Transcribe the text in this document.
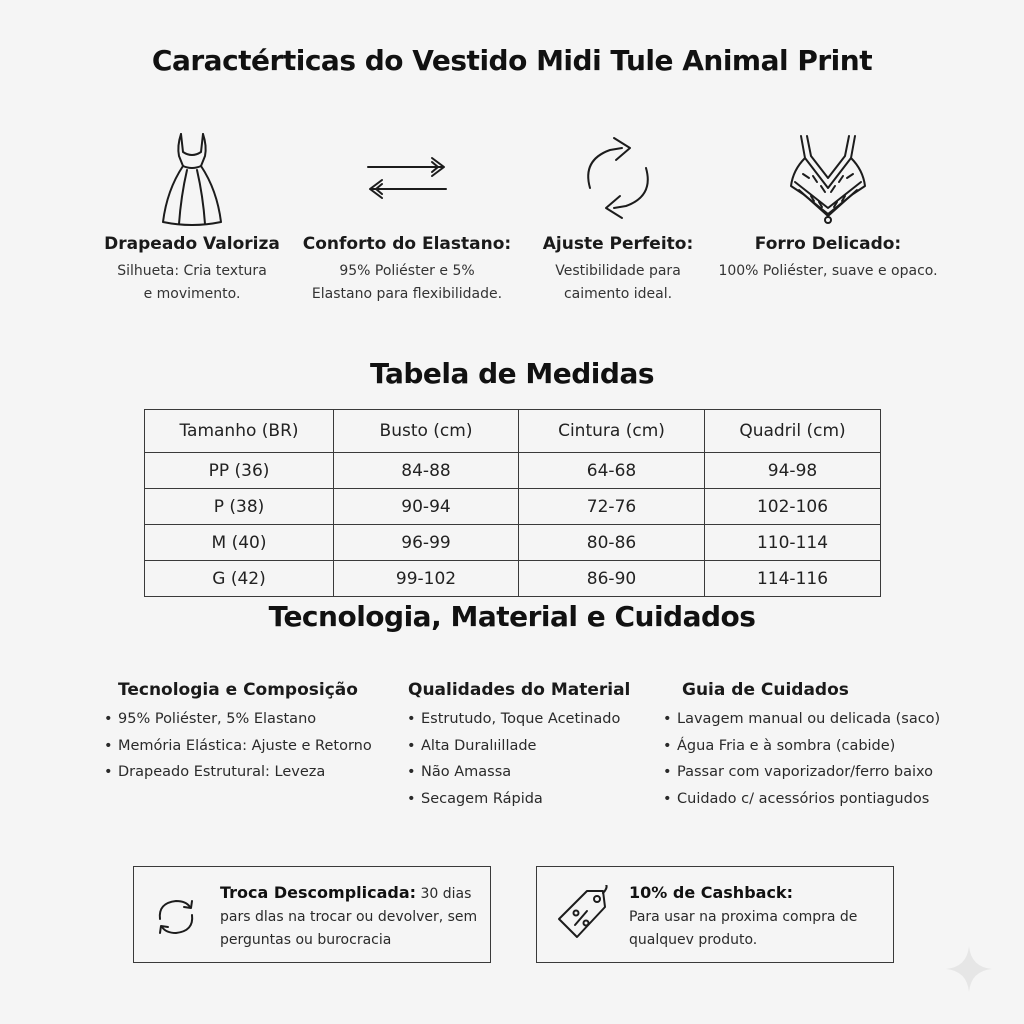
Caractérticas do Vestido Midi Tule Animal Print
Drapeado Valoriza
Silhueta: Cria textura
e movimento.
Conforto do Elastano:
95% Poliéster e 5%
Elastano para flexibilidade.
Ajuste Perfeito:
Vestibilidade para
caimento ideal.
Forro Delicado:
100% Poliéster, suave e opaco.
Tabela de Medidas
Tamanho (BR)	Busto (cm)	Cintura (cm)	Quadril (cm)
PP (36)	84-88	64-68	94-98
P (38)	90-94	72-76	102-106
M (40)	96-99	80-86	110-114
G (42)	99-102	86-90	114-116
Tecnologia, Material e Cuidados
Tecnologia e Composição
• 95% Poliéster, 5% Elastano
• Memória Elástica: Ajuste e Retorno
• Drapeado Estrutural: Leveza
Qualidades do Material
• Estrutudo, Toque Acetinado
• Alta Duralıillade
• Não Amassa
• Secagem Rápida
Guia de Cuidados
• Lavagem manual ou delicada (saco)
• Água Fria e à sombra (cabide)
• Passar com vaporizador/ferro baixo
• Cuidado c/ acessórios pontiagudos
Troca Descomplicada: 30 dias
pars dlas na trocar ou devolver, sem
perguntas ou burocracia
10% de Cashback:
Para usar na proxima compra de
qualquev produto.
